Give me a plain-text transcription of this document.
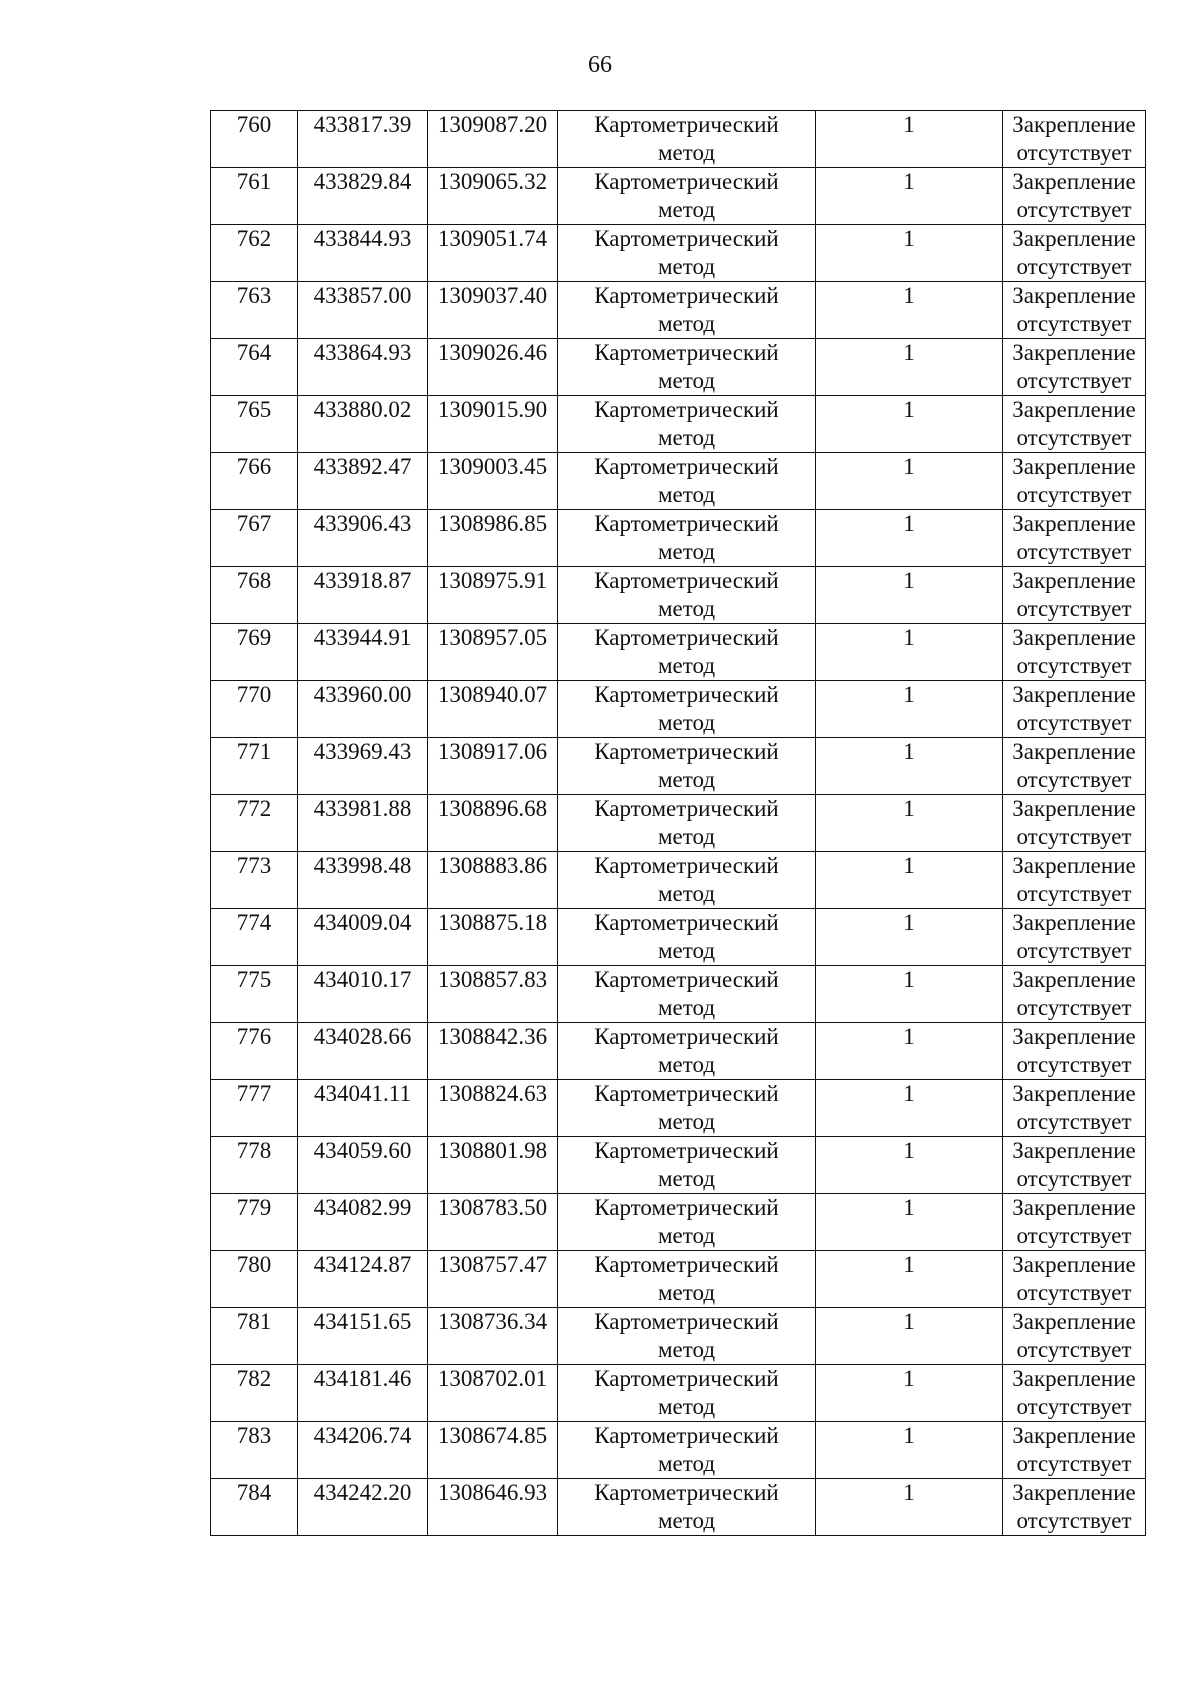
66
760	433817.39	1309087.20	Картометрический
метод	1	Закрепление
отсутствует

761	433829.84	1309065.32	Картометрический
метод	1	Закрепление
отсутствует

762	433844.93	1309051.74	Картометрический
метод	1	Закрепление
отсутствует

763	433857.00	1309037.40	Картометрический
метод	1	Закрепление
отсутствует

764	433864.93	1309026.46	Картометрический
метод	1	Закрепление
отсутствует

765	433880.02	1309015.90	Картометрический
метод	1	Закрепление
отсутствует

766	433892.47	1309003.45	Картометрический
метод	1	Закрепление
отсутствует

767	433906.43	1308986.85	Картометрический
метод	1	Закрепление
отсутствует

768	433918.87	1308975.91	Картометрический
метод	1	Закрепление
отсутствует

769	433944.91	1308957.05	Картометрический
метод	1	Закрепление
отсутствует

770	433960.00	1308940.07	Картометрический
метод	1	Закрепление
отсутствует

771	433969.43	1308917.06	Картометрический
метод	1	Закрепление
отсутствует

772	433981.88	1308896.68	Картометрический
метод	1	Закрепление
отсутствует

773	433998.48	1308883.86	Картометрический
метод	1	Закрепление
отсутствует

774	434009.04	1308875.18	Картометрический
метод	1	Закрепление
отсутствует

775	434010.17	1308857.83	Картометрический
метод	1	Закрепление
отсутствует

776	434028.66	1308842.36	Картометрический
метод	1	Закрепление
отсутствует

777	434041.11	1308824.63	Картометрический
метод	1	Закрепление
отсутствует

778	434059.60	1308801.98	Картометрический
метод	1	Закрепление
отсутствует

779	434082.99	1308783.50	Картометрический
метод	1	Закрепление
отсутствует

780	434124.87	1308757.47	Картометрический
метод	1	Закрепление
отсутствует

781	434151.65	1308736.34	Картометрический
метод	1	Закрепление
отсутствует

782	434181.46	1308702.01	Картометрический
метод	1	Закрепление
отсутствует

783	434206.74	1308674.85	Картометрический
метод	1	Закрепление
отсутствует

784	434242.20	1308646.93	Картометрический
метод	1	Закрепление
отсутствует
